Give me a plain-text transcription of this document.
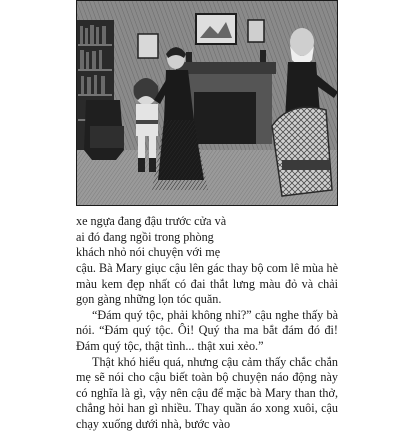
xe ngựa đang đậu trước cửa và
ai đó đang ngồi trong phòng
khách nhỏ nói chuyện với mẹ

cậu. Bà Mary giục cậu lên gác thay bộ com lê mùa hè màu kem đẹp nhất có đai thắt lưng màu đỏ và chải gọn gàng những lọn tóc quăn.

“Đám quý tộc, phải không nhỉ?” cậu nghe thấy bà nói. “Đám quý tộc. Ôi! Quý tha ma bắt đám đó đi! Đám quý tộc, thật tình... thật xui xẻo.”

Thật khó hiểu quá, nhưng cậu cảm thấy chắc chắn mẹ sẽ nói cho cậu biết toàn bộ chuyện náo động này có nghĩa là gì, vậy nên cậu để mặc bà Mary than thở, chẳng hỏi han gì nhiều. Thay quần áo xong xuôi, cậu chạy xuống dưới nhà, bước vào
